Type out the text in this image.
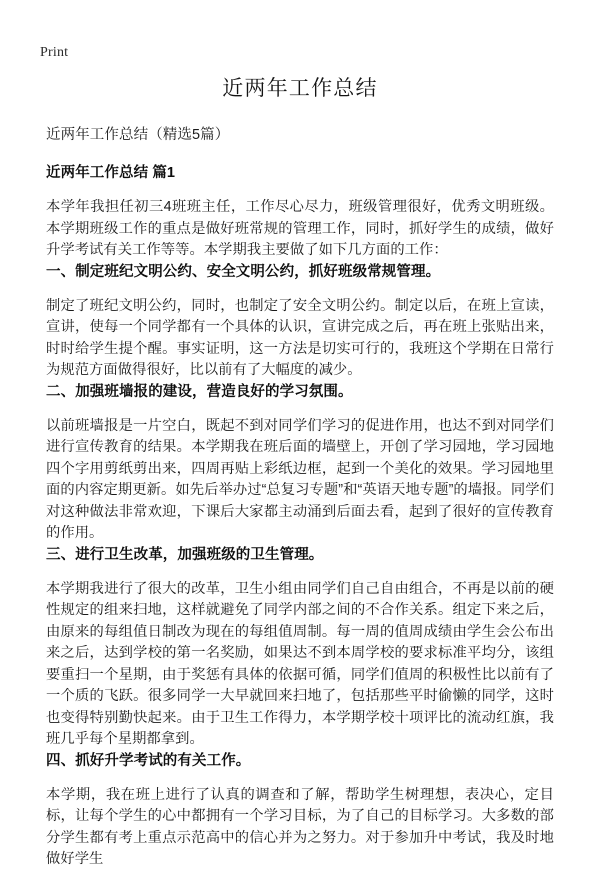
Print
近两年工作总结

近两年工作总结（精选5篇）

近两年工作总结 篇1

本学年我担任初三4班班主任，工作尽心尽力，班级管理很好，优秀文明班级。本学期班级工作的重点是做好班常规的管理工作，同时，抓好学生的成绩，做好升学考试有关工作等等。本学期我主要做了如下几方面的工作：

一、制定班纪文明公约、安全文明公约，抓好班级常规管理。

制定了班纪文明公约，同时，也制定了安全文明公约。制定以后，在班上宣读，宣讲，使每一个同学都有一个具体的认识，宣讲完成之后，再在班上张贴出来，时时给学生提个醒。事实证明，这一方法是切实可行的，我班这个学期在日常行为规范方面做得很好，比以前有了大幅度的减少。

二、加强班墙报的建设，营造良好的学习氛围。

以前班墙报是一片空白，既起不到对同学们学习的促进作用，也达不到对同学们进行宣传教育的结果。本学期我在班后面的墙壁上，开创了学习园地，学习园地四个字用剪纸剪出来，四周再贴上彩纸边框，起到一个美化的效果。学习园地里面的内容定期更新。如先后举办过“总复习专题”和“英语天地专题”的墙报。同学们对这种做法非常欢迎，下课后大家都主动涌到后面去看，起到了很好的宣传教育的作用。

三、进行卫生改革，加强班级的卫生管理。

本学期我进行了很大的改革，卫生小组由同学们自己自由组合，不再是以前的硬性规定的组来扫地，这样就避免了同学内部之间的不合作关系。组定下来之后，由原来的每组值日制改为现在的每组值周制。每一周的值周成绩由学生会公布出来之后，达到学校的第一名奖励，如果达不到本周学校的要求标准平均分，该组要重扫一个星期，由于奖惩有具体的依据可循，同学们值周的积极性比以前有了一个质的飞跃。很多同学一大早就回来扫地了，包括那些平时偷懒的同学，这时也变得特别勤快起来。由于卫生工作得力，本学期学校十项评比的流动红旗，我班几乎每个星期都拿到。

四、抓好升学考试的有关工作。

本学期，我在班上进行了认真的调查和了解，帮助学生树理想，表决心，定目标，让每个学生的心中都拥有一个学习目标，为了自己的目标学习。大多数的部分学生都有考上重点示范高中的信心并为之努力。对于参加升中考试，我及时地做好学生
